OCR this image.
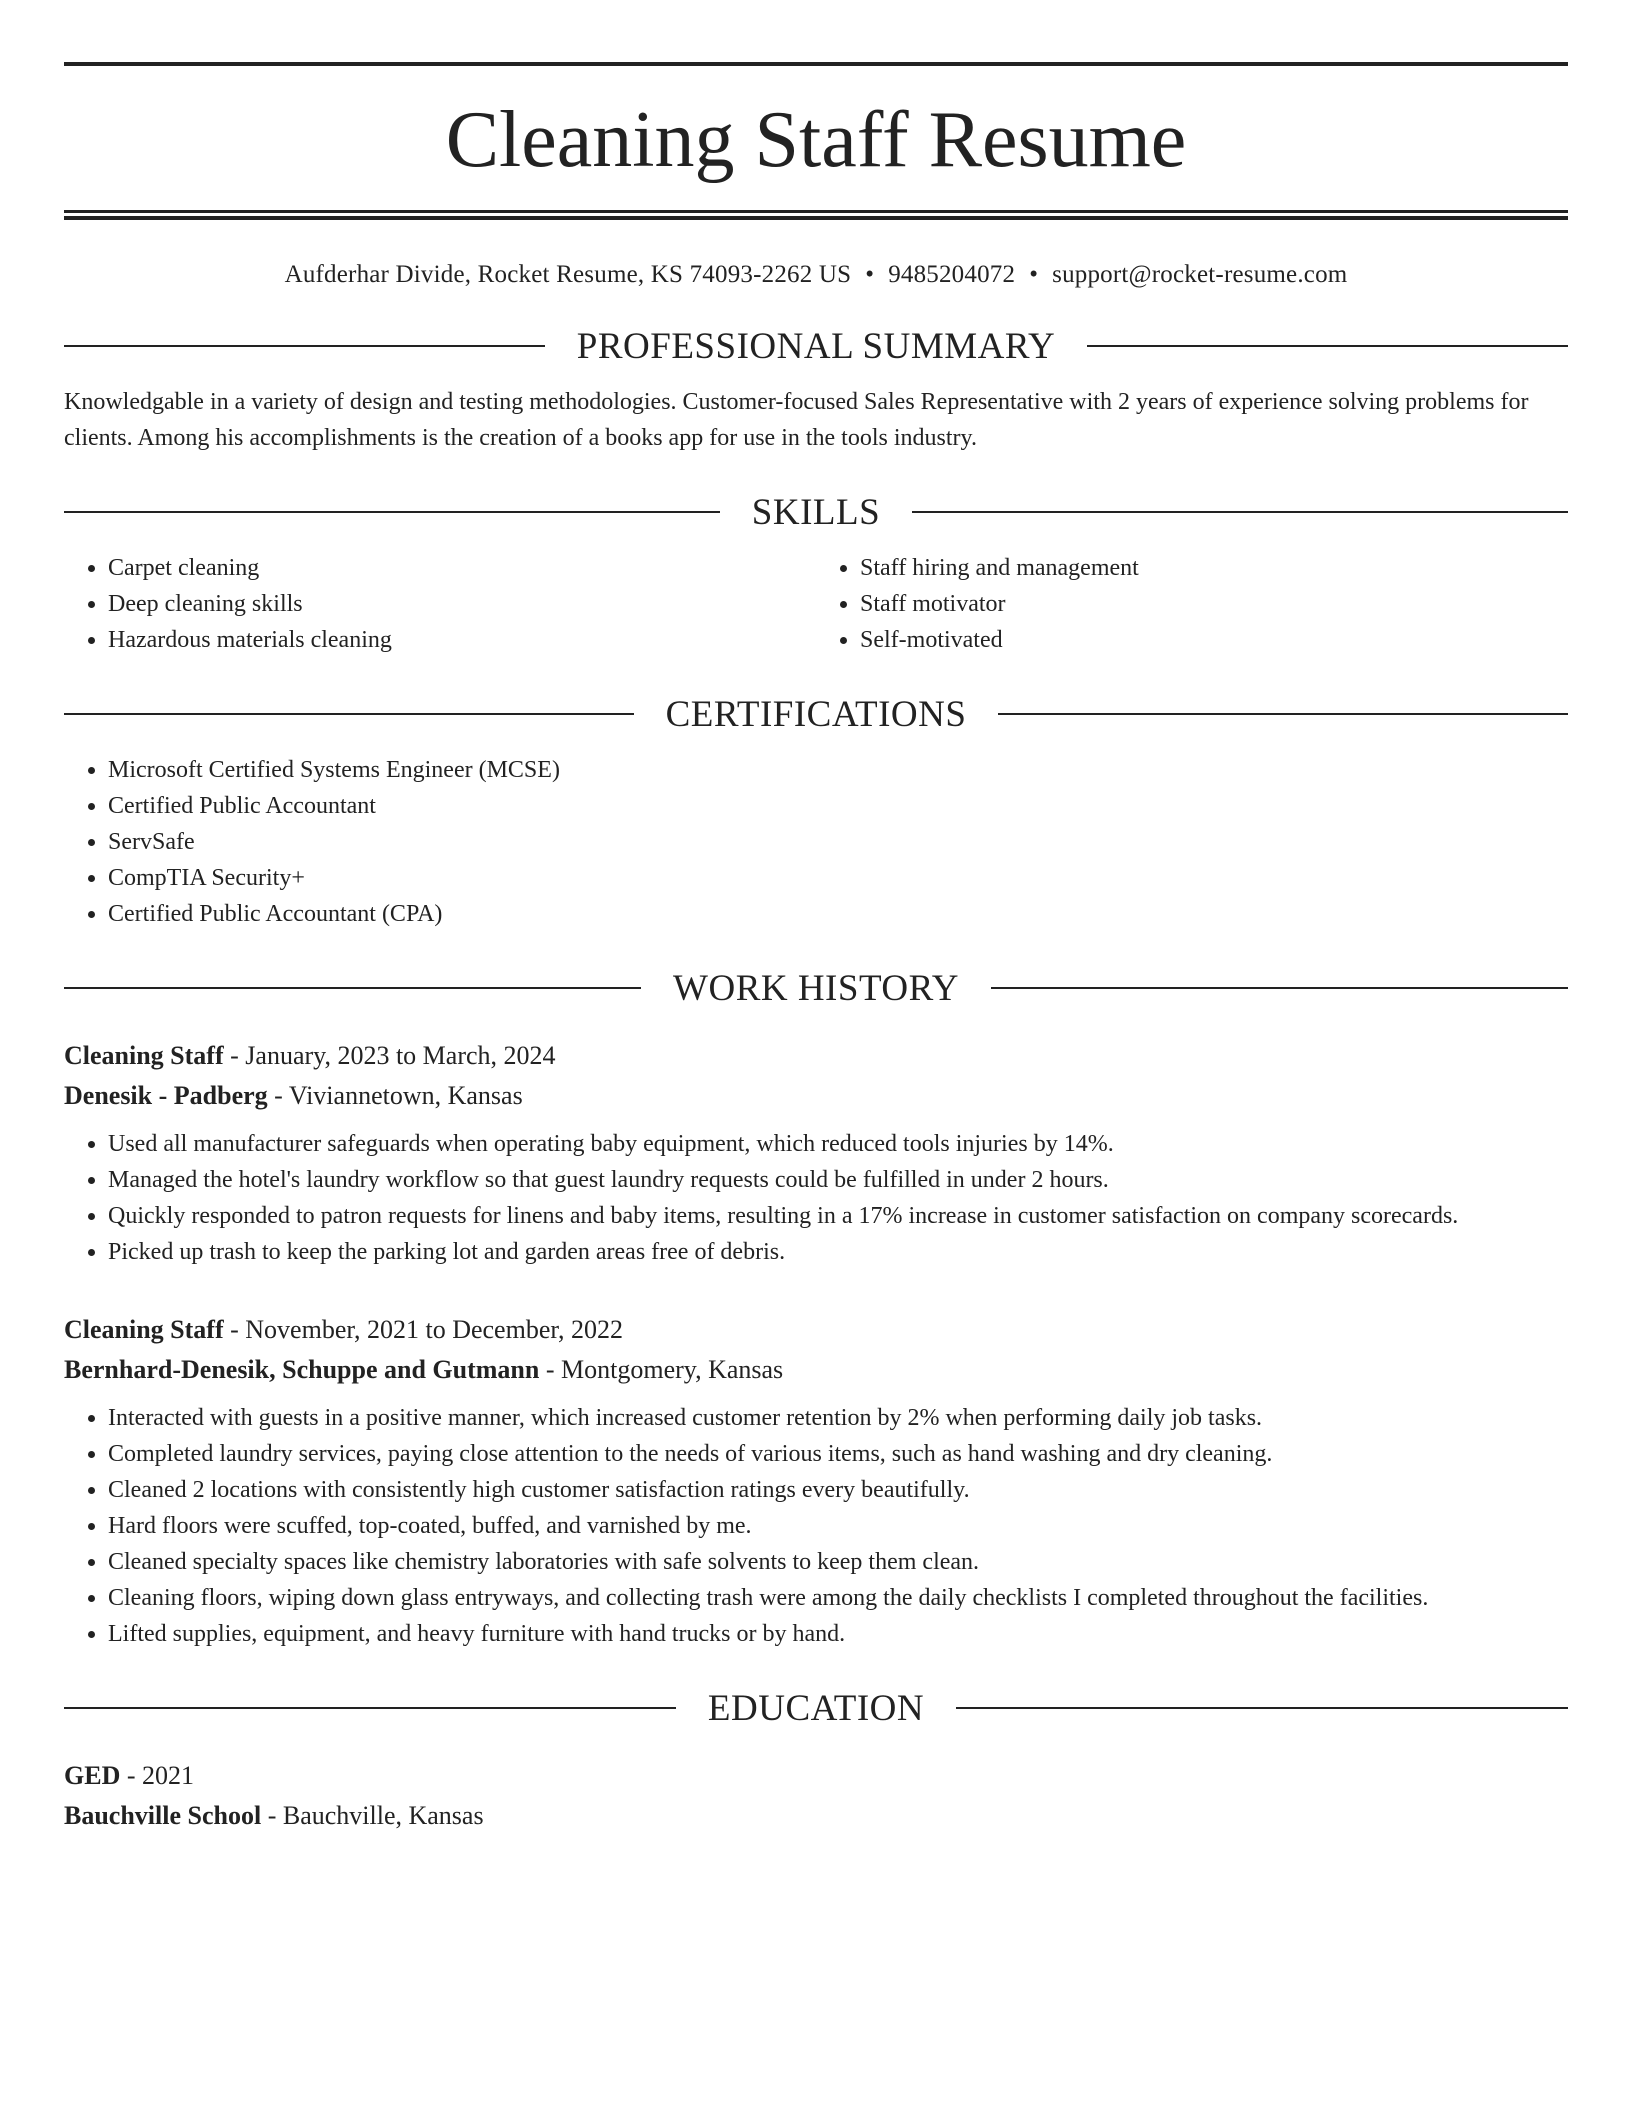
Cleaning Staff Resume
Aufderhar Divide, Rocket Resume, KS 74093-2262 US • 9485204072 • support@rocket-resume.com
PROFESSIONAL SUMMARY
Knowledgable in a variety of design and testing methodologies. Customer-focused Sales Representative with 2 years of experience solving problems for clients. Among his accomplishments is the creation of a books app for use in the tools industry.
SKILLS
• Carpet cleaning
• Deep cleaning skills
• Hazardous materials cleaning
• Staff hiring and management
• Staff motivator
• Self-motivated
CERTIFICATIONS
• Microsoft Certified Systems Engineer (MCSE)
• Certified Public Accountant
• ServSafe
• CompTIA Security+
• Certified Public Accountant (CPA)
WORK HISTORY
Cleaning Staff - January, 2023 to March, 2024
Denesik - Padberg - Viviannetown, Kansas
• Used all manufacturer safeguards when operating baby equipment, which reduced tools injuries by 14%.
• Managed the hotel's laundry workflow so that guest laundry requests could be fulfilled in under 2 hours.
• Quickly responded to patron requests for linens and baby items, resulting in a 17% increase in customer satisfaction on company scorecards.
• Picked up trash to keep the parking lot and garden areas free of debris.
Cleaning Staff - November, 2021 to December, 2022
Bernhard-Denesik, Schuppe and Gutmann - Montgomery, Kansas
• Interacted with guests in a positive manner, which increased customer retention by 2% when performing daily job tasks.
• Completed laundry services, paying close attention to the needs of various items, such as hand washing and dry cleaning.
• Cleaned 2 locations with consistently high customer satisfaction ratings every beautifully.
• Hard floors were scuffed, top-coated, buffed, and varnished by me.
• Cleaned specialty spaces like chemistry laboratories with safe solvents to keep them clean.
• Cleaning floors, wiping down glass entryways, and collecting trash were among the daily checklists I completed throughout the facilities.
• Lifted supplies, equipment, and heavy furniture with hand trucks or by hand.
EDUCATION
GED - 2021
Bauchville School - Bauchville, Kansas
